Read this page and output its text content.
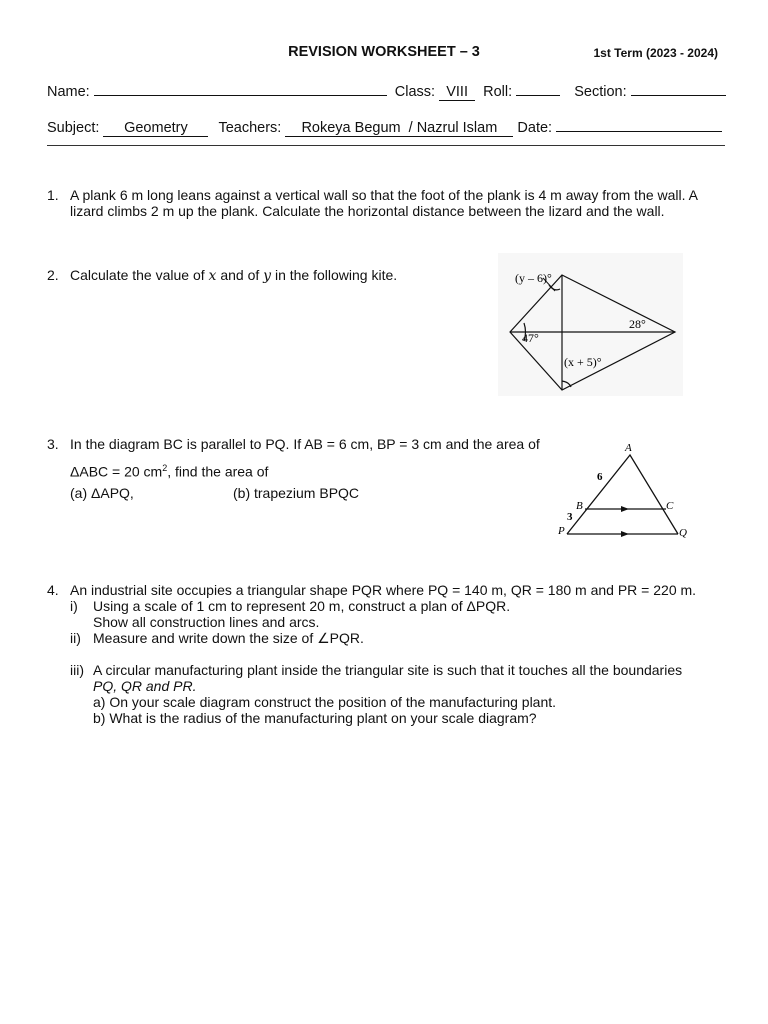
REVISION WORKSHEET – 3	1st Term (2023 - 2024)
Name:	Class: VIII Roll:	Section:
Subject: Geometry Teachers: Rokeya Begum  / Nazrul Islam Date:
1. A plank 6 m long leans against a vertical wall so that the foot of the plank is 4 m away from the wall. A
lizard climbs 2 m up the plank. Calculate the horizontal distance between the lizard and the wall.
2. Calculate the value of x and of y in the following kite.	(y – 6)°
47°
28°
(x + 5)°
3. In the diagram BC is parallel to PQ. If AB = 6 cm, BP = 3 cm and the area of
ΔABC = 20 $cm^2$, find the area of
(a) ΔAPQ,	(b) trapezium BPQC
A
B	C
P	Q
6
3
4. An industrial site occupies a triangular shape PQR where PQ = 140 m, QR = 180 m and PR = 220 m.
i) Using a scale of 1 cm to represent 20 m, construct a plan of ΔPQR.
Show all construction lines and arcs.
ii) Measure and write down the size of ∠PQR.
iii) A circular manufacturing plant inside the triangular site is such that it touches all the boundaries
PQ, QR and PR.
a) On your scale diagram construct the position of the manufacturing plant.
b) What is the radius of the manufacturing plant on your scale diagram?
